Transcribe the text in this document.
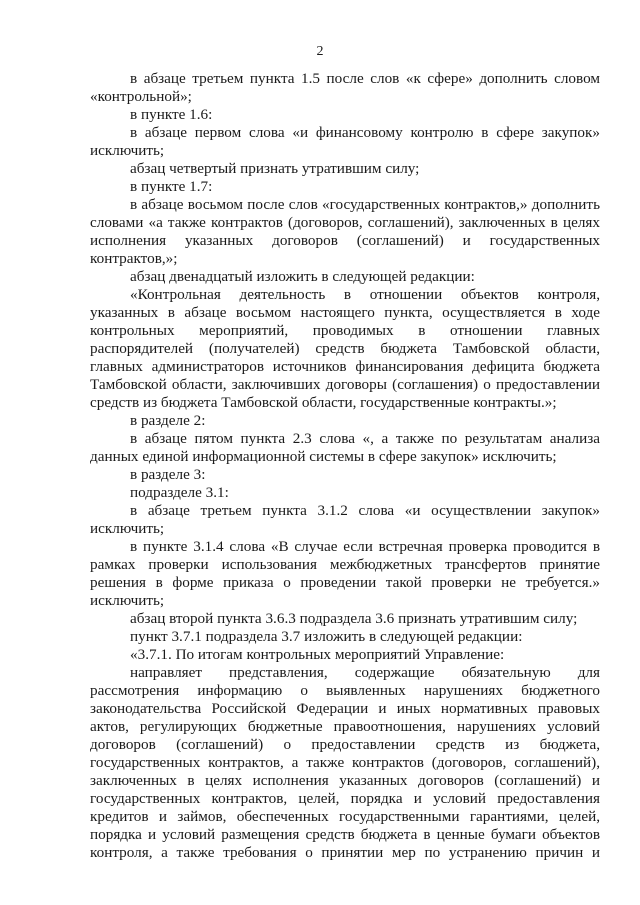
2
в абзаце третьем пункта 1.5 после слов «к сфере» дополнить словом
«контрольной»;
в пункте 1.6:
в абзаце первом слова «и финансовому контролю в сфере закупок»
исключить;
абзац четвертый признать утратившим силу;
в пункте 1.7:
в абзаце восьмом после слов «государственных контрактов,» дополнить
словами «а также контрактов (договоров, соглашений), заключенных в целях
исполнения указанных договоров (соглашений) и государственных
контрактов,»;
абзац двенадцатый изложить в следующей редакции:
«Контрольная деятельность в отношении объектов контроля,
указанных в абзаце восьмом настоящего пункта, осуществляется в ходе
контрольных мероприятий, проводимых в отношении главных
распорядителей (получателей) средств бюджета Тамбовской области,
главных администраторов источников финансирования дефицита бюджета
Тамбовской области, заключивших договоры (соглашения) о предоставлении
средств из бюджета Тамбовской области, государственные контракты.»;
в разделе 2:
в абзаце пятом пункта 2.3 слова «, а также по результатам анализа
данных единой информационной системы в сфере закупок» исключить;
в разделе 3:
подразделе 3.1:
в абзаце третьем пункта 3.1.2 слова «и осуществлении закупок»
исключить;
в пункте 3.1.4 слова «В случае если встречная проверка проводится в
рамках проверки использования межбюджетных трансфертов принятие
решения в форме приказа о проведении такой проверки не требуется.»
исключить;
абзац второй пункта 3.6.3 подраздела 3.6 признать утратившим силу;
пункт 3.7.1 подраздела 3.7 изложить в следующей редакции:
«3.7.1. По итогам контрольных мероприятий Управление:
направляет представления, содержащие обязательную для
рассмотрения информацию о выявленных нарушениях бюджетного
законодательства Российской Федерации и иных нормативных правовых
актов, регулирующих бюджетные правоотношения, нарушениях условий
договоров (соглашений) о предоставлении средств из бюджета,
государственных контрактов, а также контрактов (договоров, соглашений),
заключенных в целях исполнения указанных договоров (соглашений) и
государственных контрактов, целей, порядка и условий предоставления
кредитов и займов, обеспеченных государственными гарантиями, целей,
порядка и условий размещения средств бюджета в ценные бумаги объектов
контроля, а также требования о принятии мер по устранению причин и
